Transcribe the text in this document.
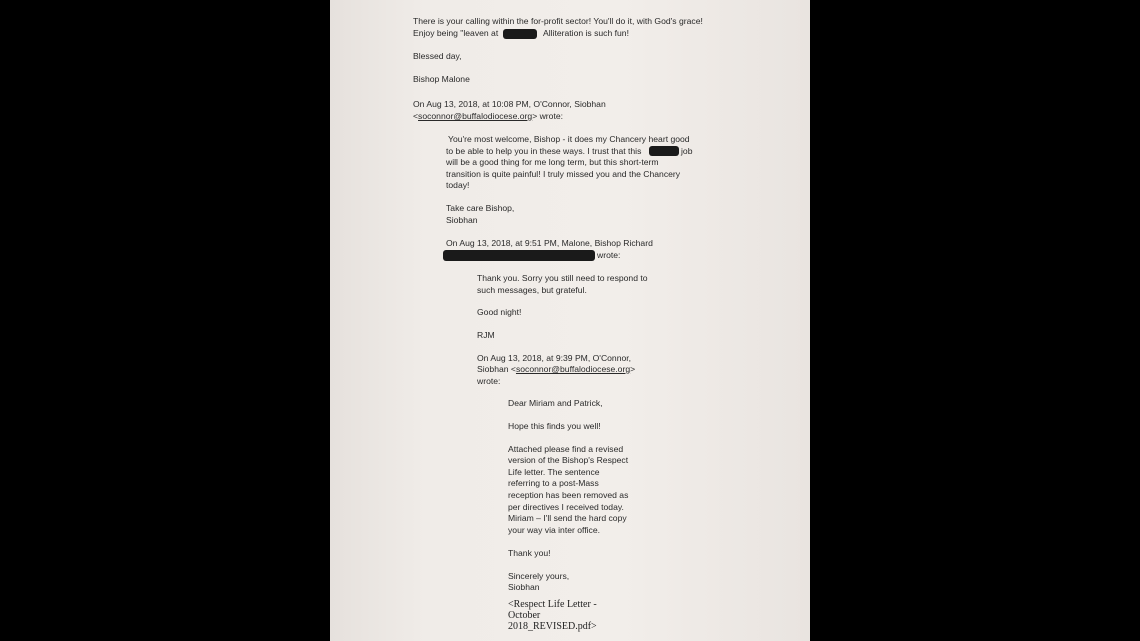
There is your calling within the for-profit sector! You'll do it, with God's grace!
Enjoy being "leaven at	Alliteration is such fun!
Blessed day,
Bishop Malone
On Aug 13, 2018, at 10:08 PM, O'Connor, Siobhan
<soconnor@buffalodiocese.org> wrote:
You're most welcome, Bishop - it does my Chancery heart good
to be able to help you in these ways. I trust that this	job
will be a good thing for me long term, but this short-term
transition is quite painful! I truly missed you and the Chancery
today!
Take care Bishop,
Siobhan
On Aug 13, 2018, at 9:51 PM, Malone, Bishop Richard
wrote:
Thank you. Sorry you still need to respond to
such messages, but grateful.
Good night!
RJM
On Aug 13, 2018, at 9:39 PM, O'Connor,
Siobhan <soconnor@buffalodiocese.org>
wrote:
Dear Miriam and Patrick,
Hope this finds you well!
Attached please find a revised
version of the Bishop's Respect
Life letter. The sentence
referring to a post-Mass
reception has been removed as
per directives I received today.
Miriam – I'll send the hard copy
your way via inter office.
Thank you!
Sincerely yours,
Siobhan
<Respect Life Letter -
October
2018_REVISED.pdf>
